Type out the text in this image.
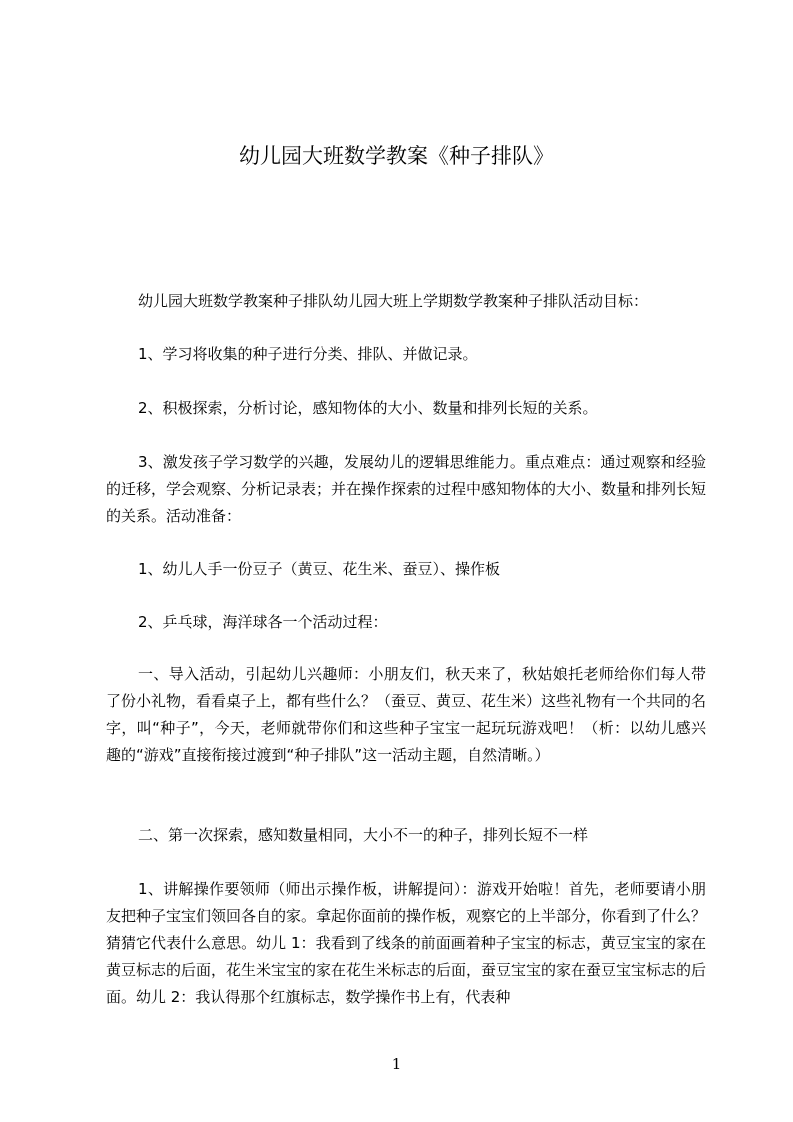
幼儿园大班数学教案《种子排队》
幼儿园大班数学教案种子排队幼儿园大班上学期数学教案种子排队活动目标：
1、学习将收集的种子进行分类、排队、并做记录。
2、积极探索，分析讨论，感知物体的大小、数量和排列长短的关系。
3、激发孩子学习数学的兴趣，发展幼儿的逻辑思维能力。重点难点：通过观察和经验的迁移，学会观察、分析记录表；并在操作探索的过程中感知物体的大小、数量和排列长短的关系。活动准备：
1、幼儿人手一份豆子（黄豆、花生米、蚕豆）、操作板
2、乒乓球，海洋球各一个活动过程：
一、导入活动，引起幼儿兴趣师：小朋友们，秋天来了，秋姑娘托老师给你们每人带了份小礼物，看看桌子上，都有些什么？（蚕豆、黄豆、花生米）这些礼物有一个共同的名字，叫“种子”，今天，老师就带你们和这些种子宝宝一起玩玩游戏吧！（析：以幼儿感兴趣的“游戏”直接衔接过渡到“种子排队”这一活动主题，自然清晰。）
二、第一次探索，感知数量相同，大小不一的种子，排列长短不一样
1、讲解操作要领师（师出示操作板，讲解提问）：游戏开始啦！首先，老师要请小朋友把种子宝宝们领回各自的家。拿起你面前的操作板，观察它的上半部分，你看到了什么？猜猜它代表什么意思。幼儿 1：我看到了线条的前面画着种子宝宝的标志，黄豆宝宝的家在黄豆标志的后面，花生米宝宝的家在花生米标志的后面，蚕豆宝宝的家在蚕豆宝宝标志的后面。幼儿 2：我认得那个红旗标志，数学操作书上有，代表种
1
